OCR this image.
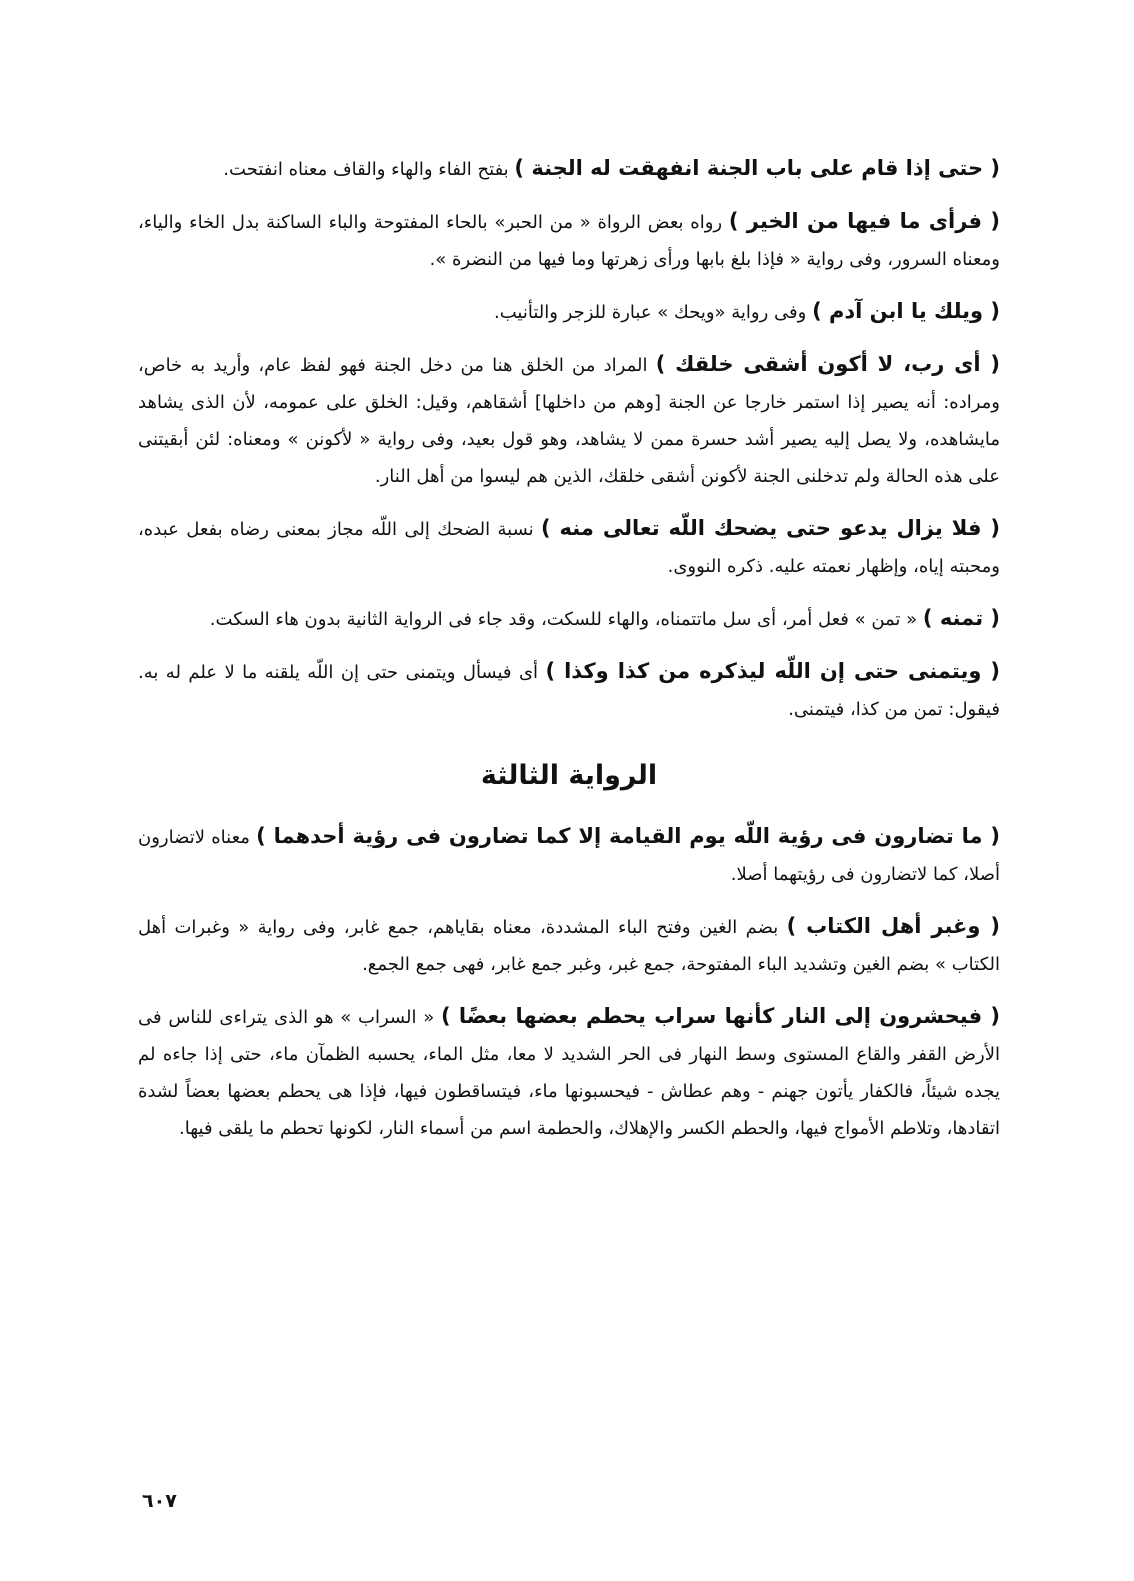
( حتى إذا قام على باب الجنة انفهقت له الجنة ) بفتح الفاء والهاء والقاف معناه انفتحت.

( فرأى ما فيها من الخير ) رواه بعض الرواة « من الحبر» بالحاء المفتوحة والباء الساكنة بدل الخاء والياء، ومعناه السرور، وفى رواية « فإذا بلغ بابها ورأى زهرتها وما فيها من النضرة ».

( ويلك يا ابن آدم ) وفى رواية «ويحك » عبارة للزجر والتأنيب.

( أى رب، لا أكون أشقى خلقك ) المراد من الخلق هنا من دخل الجنة فهو لفظ عام، وأريد به خاص، ومراده: أنه يصير إذا استمر خارجا عن الجنة [وهم من داخلها] أشقاهم، وقيل: الخلق على عمومه، لأن الذى يشاهد مايشاهده، ولا يصل إليه يصير أشد حسرة ممن لا يشاهد، وهو قول بعيد، وفى رواية « لأكونن » ومعناه: لئن أبقيتنى على هذه الحالة ولم تدخلنى الجنة لأكونن أشقى خلقك، الذين هم ليسوا من أهل النار.

( فلا يزال يدعو حتى يضحك اللّه تعالى منه ) نسبة الضحك إلى اللّه مجاز بمعنى رضاه بفعل عبده، ومحبته إياه، وإظهار نعمته عليه. ذكره النووى.

( تمنه ) « تمن » فعل أمر، أى سل ماتتمناه، والهاء للسكت، وقد جاء فى الرواية الثانية بدون هاء السكت.

( ويتمنى حتى إن اللّه ليذكره من كذا وكذا ) أى فيسأل ويتمنى حتى إن اللّه يلقنه ما لا علم له به. فيقول: تمن من كذا، فيتمنى.

الرواية الثالثة

( ما تضارون فى رؤية اللّه يوم القيامة إلا كما تضارون فى رؤية أحدهما ) معناه لاتضارون أصلا، كما لاتضارون فى رؤيتهما أصلا.

( وغبر أهل الكتاب ) بضم الغين وفتح الباء المشددة، معناه بقاياهم، جمع غابر، وفى رواية « وغبرات أهل الكتاب » بضم الغين وتشديد الباء المفتوحة، جمع غبر، وغبر جمع غابر، فهى جمع الجمع.

( فيحشرون إلى النار كأنها سراب يحطم بعضها بعضًا ) « السراب » هو الذى يتراءى للناس فى الأرض القفر والقاع المستوى وسط النهار فى الحر الشديد لا معا، مثل الماء، يحسبه الظمآن ماء، حتى إذا جاءه لم يجده شيئاً، فالكفار يأتون جهنم - وهم عطاش - فيحسبونها ماء، فيتساقطون فيها، فإذا هى يحطم بعضها بعضاً لشدة اتقادها، وتلاطم الأمواج فيها، والحطم الكسر والإهلاك، والحطمة اسم من أسماء النار، لكونها تحطم ما يلقى فيها.

٦٠٧
